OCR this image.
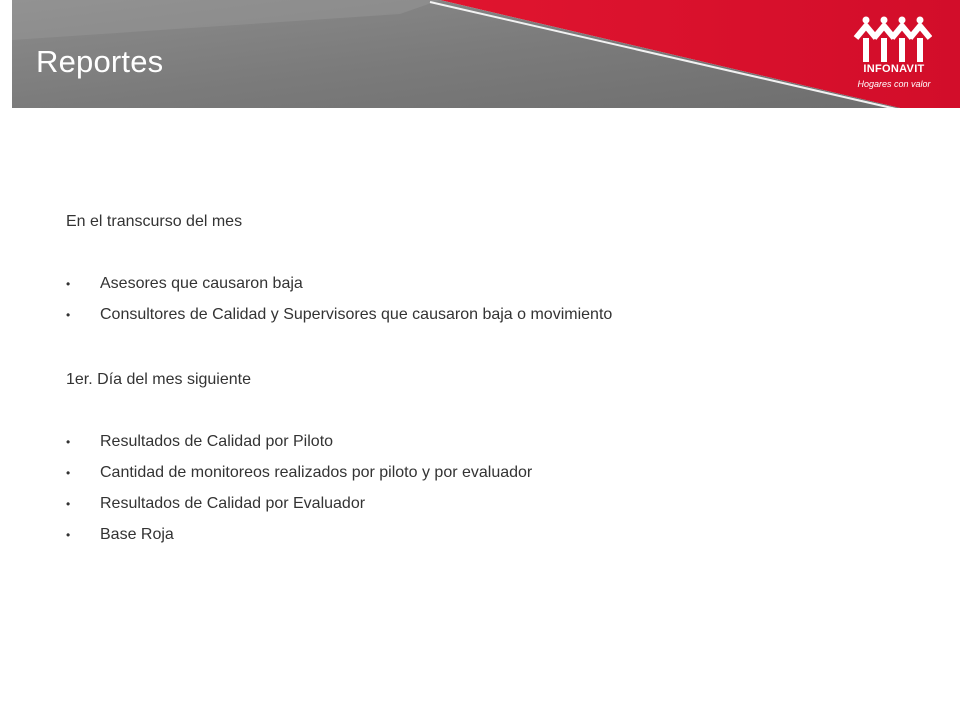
Reportes	INFONAVIT
Hogares con valor

En el transcurso del mes

•	Asesores que causaron baja
•	Consultores de Calidad y Supervisores que causaron baja o movimiento

1er. Día del mes siguiente

•	Resultados de Calidad por Piloto
•	Cantidad de monitoreos realizados por piloto y por evaluador
•	Resultados de Calidad por Evaluador
•	Base Roja
